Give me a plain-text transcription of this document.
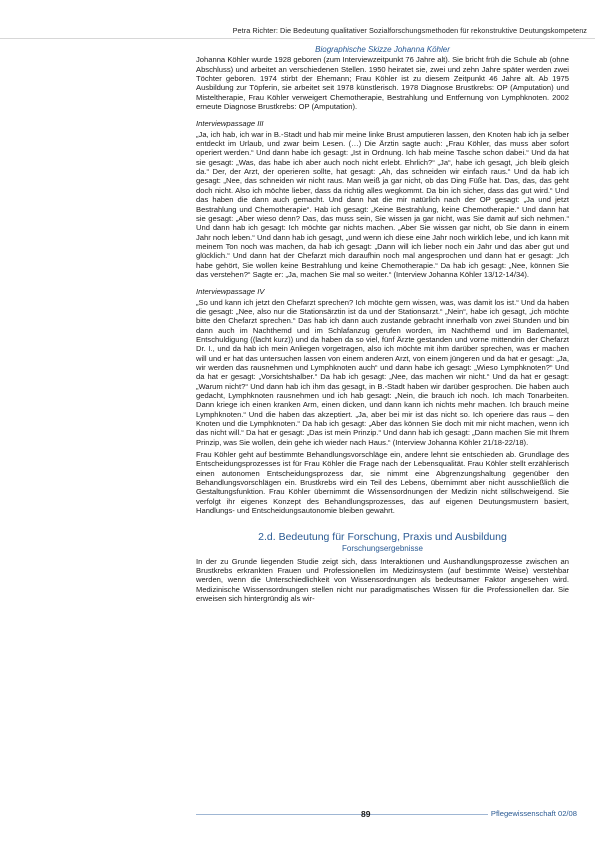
Petra Richter: Die Bedeutung qualitativer Sozialforschungsmethoden für rekonstruktive Deutungskompetenz
Biographische Skizze Johanna Köhler

Johanna Köhler wurde 1928 geboren (zum Interviewzeitpunkt 76 Jahre alt). Sie bricht früh die Schule ab (ohne Abschluss) und arbeitet an verschiedenen Stellen. 1950 heiratet sie, zwei und zehn Jahre später werden zwei Töchter geboren. 1974 stirbt der Ehemann; Frau Köhler ist zu diesem Zeitpunkt 46 Jahre alt. Ab 1975 Ausbildung zur Töpferin, sie arbeitet seit 1978 künstlerisch. 1978 Diagnose Brustkrebs: OP (Amputation) und Misteltherapie, Frau Köhler verweigert Chemotherapie, Bestrahlung und Entfernung von Lymphknoten. 2002 erneute Diagnose Brustkrebs: OP (Amputation).

Interviewpassage III

„Ja, ich hab, ich war in B.-Stadt und hab mir meine linke Brust amputieren lassen, den Knoten hab ich ja selber entdeckt im Urlaub, und zwar beim Lesen. (…) Die Ärztin sagte auch: „Frau Köhler, das muss aber sofort operiert werden.“ Und dann habe ich gesagt: „Ist in Ordnung. Ich hab meine Tasche schon dabei.“ Und da hat sie gesagt: „Was, das habe ich aber auch noch nicht erlebt. Ehrlich?“ „Ja“, habe ich gesagt, „ich bleib gleich da.“ Der, der Arzt, der operieren sollte, hat gesagt: „Ah, das schneiden wir einfach raus.“ Und da hab ich gesagt: „Nee, das schneiden wir nicht raus. Man weiß ja gar nicht, ob das Ding Füße hat. Das, das, das geht doch nicht. Also ich möchte lieber, dass da richtig alles wegkommt. Da bin ich sicher, dass das gut wird.“ Und das haben die dann auch gemacht. Und dann hat die mir natürlich nach der OP gesagt: „Ja und jetzt Bestrahlung und Chemotherapie“. Hab ich gesagt: „Keine Bestrahlung, keine Chemotherapie.“ Und dann hat sie gesagt: „Aber wieso denn? Das, das muss sein, Sie wissen ja gar nicht, was Sie damit auf sich nehmen.“ Und dann hab ich gesagt: Ich möchte gar nichts machen. „Aber Sie wissen gar nicht, ob Sie dann in einem Jahr noch leben.“ Und dann hab ich gesagt, „und wenn ich diese eine Jahr noch wirklich lebe, und ich kann mit meinem Ton noch was machen, da hab ich gesagt: „Dann will ich lieber noch ein Jahr und das aber gut und glücklich.“ Und dann hat der Chefarzt mich daraufhin noch mal angesprochen und dann hat er gesagt: „Ich habe gehört, Sie wollen keine Bestrahlung und keine Chemotherapie.“ Da hab ich gesagt: „Nee, können Sie das verstehen?“ Sagte er: „Ja, machen Sie mal so weiter.“ (Interview Johanna Köhler 13/12-14/34).

Interviewpassage IV

„So und kann ich jetzt den Chefarzt sprechen? Ich möchte gern wissen, was, was damit los ist.“ Und da haben die gesagt: „Nee, also nur die Stationsärztin ist da und der Stationsarzt.“ „Nein“, habe ich gesagt, „ich möchte bitte den Chefarzt sprechen.“ Das hab ich dann auch zustande gebracht innerhalb von zwei Stunden und bin dann auch im Nachthemd und im Schlafanzug gerufen worden, im Nachthemd und im Bademantel, Entschuldigung ((lacht kurz)) und da haben da so viel, fünf Ärzte gestanden und vorne mittendrin der Chefarzt Dr. I., und da hab ich mein Anliegen vorgetragen, also ich möchte mit ihm darüber sprechen, was er machen will und er hat das untersuchen lassen von einem anderen Arzt, von einem jüngeren und da hat er gesagt: „Ja, wir werden das rausnehmen und Lymphknoten auch“ und dann habe ich gesagt: „Wieso Lymphknoten?“ Und da hat er gesagt: „Vorsichtshalber.“ Da hab ich gesagt: „Nee, das machen wir nicht.“ Und da hat er gesagt: „Warum nicht?“ Und dann hab ich ihm das gesagt, in B.-Stadt haben wir darüber gesprochen. Die haben auch gedacht, Lymphknoten rausnehmen und ich hab gesagt: „Nein, die brauch ich noch. Ich mach Tonarbeiten. Dann kriege ich einen kranken Arm, einen dicken, und dann kann ich nichts mehr machen. Ich brauch meine Lymphknoten.“ Und die haben das akzeptiert. „Ja, aber bei mir ist das nicht so. Ich operiere das raus – den Knoten und die Lymphknoten.“ Da hab ich gesagt: „Aber das können Sie doch mit mir nicht machen, wenn ich das nicht will.“ Da hat er gesagt: „Das ist mein Prinzip.“ Und dann hab ich gesagt: „Dann machen Sie mit Ihrem Prinzip, was Sie wollen, dein gehe ich wieder nach Haus.“ (Interview Johanna Köhler 21/18-22/18).

Frau Köhler geht auf bestimmte Behandlungsvorschläge ein, andere lehnt sie entschieden ab. Grundlage des Entscheidungsprozesses ist für Frau Köhler die Frage nach der Lebensqualität. Frau Köhler stellt erzählerisch einen autonomen Entscheidungsprozess dar, sie nimmt eine Abgrenzungshaltung gegenüber den Behandlungsvorschlägen ein. Brustkrebs wird ein Teil des Lebens, übernimmt aber nicht ausschließlich die Gestaltungsfunktion. Frau Köhler übernimmt die Wissensordnungen der Medizin nicht stillschweigend. Sie verfolgt ihr eigenes Konzept des Behandlungsprozesses, das auf eigenen Deutungsmustern basiert, Handlungs- und Entscheidungsautonomie bleiben gewahrt.

2.d. Bedeutung für Forschung, Praxis und Ausbildung
Forschungsergebnisse

In der zu Grunde liegenden Studie zeigt sich, dass Interaktionen und Aushandlungsprozesse zwischen an Brustkrebs erkrankten Frauen und Professionellen im Medizinsystem (auf bestimmte Weise) verstehbar werden, wenn die Unterschiedlichkeit von Wissensordnungen als bedeutsamer Faktor angesehen wird. Medizinische Wissensordnungen stellen nicht nur paradigmatisches Wissen für die Professionellen dar. Sie erweisen sich hintergründig als wir-

89	Pflegewissenschaft 02/08
